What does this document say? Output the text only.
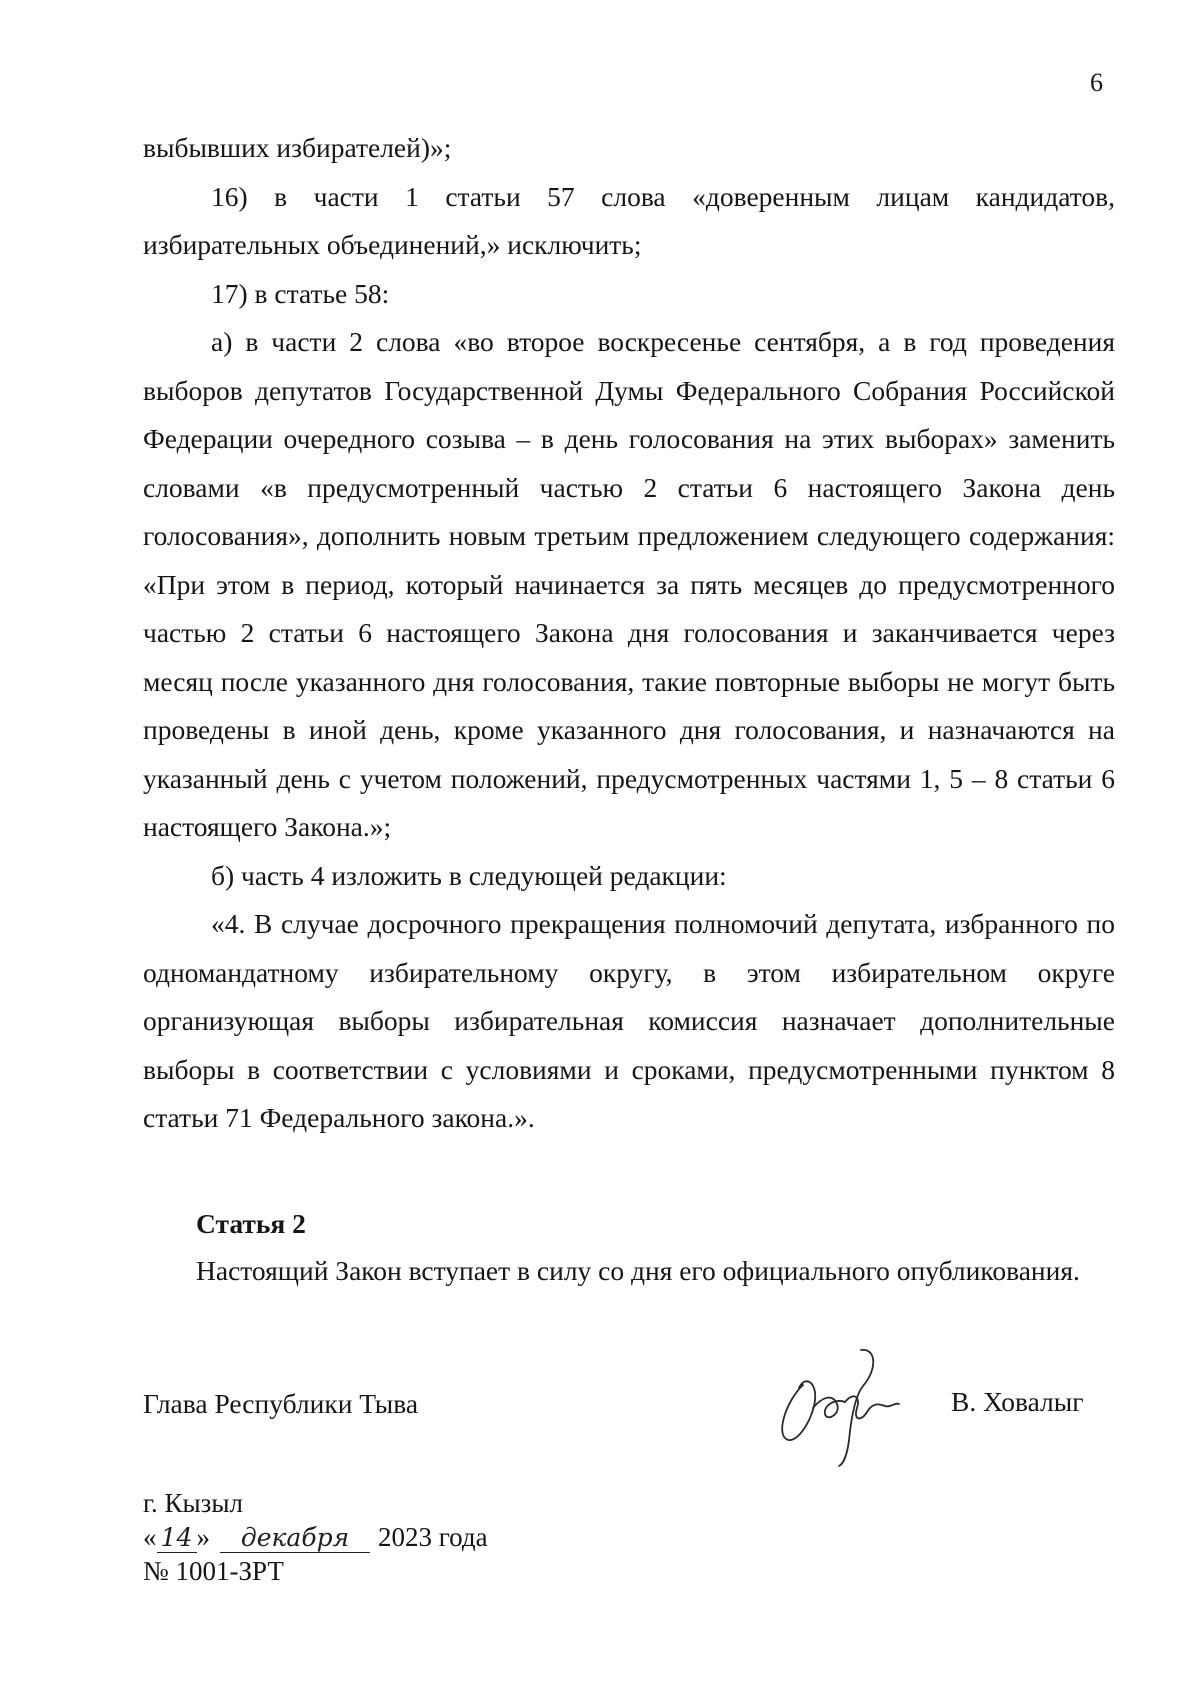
6

выбывших избирателей)»;

16) в части 1 статьи 57 слова «доверенным лицам кандидатов, избирательных объединений,» исключить;

17) в статье 58:

а) в части 2 слова «во второе воскресенье сентября, а в год проведения выборов депутатов Государственной Думы Федерального Собрания Российской Федерации очередного созыва – в день голосования на этих выборах» заменить словами «в предусмотренный частью 2 статьи 6 настоящего Закона день голосования», дополнить новым третьим предложением следующего содержания: «При этом в период, который начинается за пять месяцев до предусмотренного частью 2 статьи 6 настоящего Закона дня голосования и заканчивается через месяц после указанного дня голосования, такие повторные выборы не могут быть проведены в иной день, кроме указанного дня голосования, и назначаются на указанный день с учетом положений, предусмотренных частями 1, 5 – 8 статьи 6 настоящего Закона.»;

б) часть 4 изложить в следующей редакции:

«4. В случае досрочного прекращения полномочий депутата, избранного по одномандатному избирательному округу, в этом избирательном округе организующая выборы избирательная комиссия назначает дополнительные выборы в соответствии с условиями и сроками, предусмотренными пунктом 8 статьи 71 Федерального закона.».

Статья 2
Настоящий Закон вступает в силу со дня его официального опубликования.
Глава Республики Тыва	В. Ховалыг
г. Кызыл
« 14 » декабря 2023 года
№ 1001-ЗРТ
